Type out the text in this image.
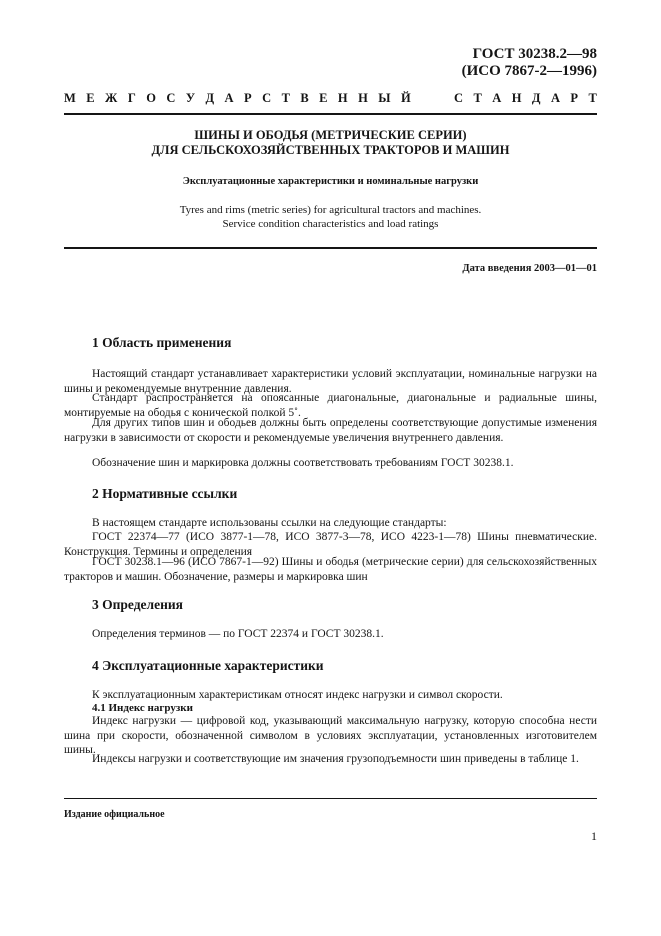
ГОСТ 30238.2—98
(ИСО 7867-2—1996)
М Е Ж Г О С У Д А Р С Т В Е Н Н Ы Й	С Т А Н Д А Р Т
ШИНЫ И ОБОДЬЯ (МЕТРИЧЕСКИЕ СЕРИИ)
ДЛЯ СЕЛЬСКОХОЗЯЙСТВЕННЫХ ТРАКТОРОВ И МАШИН
Эксплуатационные характеристики и номинальные нагрузки
Tyres and rims (metric series) for agricultural tractors and machines.
Service condition characteristics and load ratings
Дата введения 2003—01—01
1 Область применения

Настоящий стандарт устанавливает характеристики условий эксплуатации, номинальные нагрузки на шины и рекомендуемые внутренние давления.

Стандарт распространяется на опоясанные диагональные, диагональные и радиальные шины, монтируемые на ободья с конической полкой 5˚.

Для других типов шин и ободьев должны быть определены соответствующие допустимые изменения нагрузки в зависимости от скорости и рекомендуемые увеличения внутреннего давления.

Обозначение шин и маркировка должны соответствовать требованиям ГОСТ 30238.1.

2 Нормативные ссылки

В настоящем стандарте использованы ссылки на следующие стандарты:

ГОСТ 22374—77 (ИСО 3877-1—78, ИСО 3877-3—78, ИСО 4223-1—78) Шины пневматические. Конструкция. Термины и определения

ГОСТ 30238.1—96 (ИСО 7867-1—92) Шины и ободья (метрические серии) для сельскохозяйственных тракторов и машин. Обозначение, размеры и маркировка шин

3 Определения

Определения терминов — по ГОСТ 22374 и ГОСТ 30238.1.

4 Эксплуатационные характеристики

К эксплуатационным характеристикам относят индекс нагрузки и символ скорости.

4.1 Индекс нагрузки

Индекс нагрузки — цифровой код, указывающий максимальную нагрузку, которую способна нести шина при скорости, обозначенной символом в условиях эксплуатации, установленных изготовителем шины.

Индексы нагрузки и соответствующие им значения грузоподъемности шин приведены в таблице 1.

Издание официальное
1
